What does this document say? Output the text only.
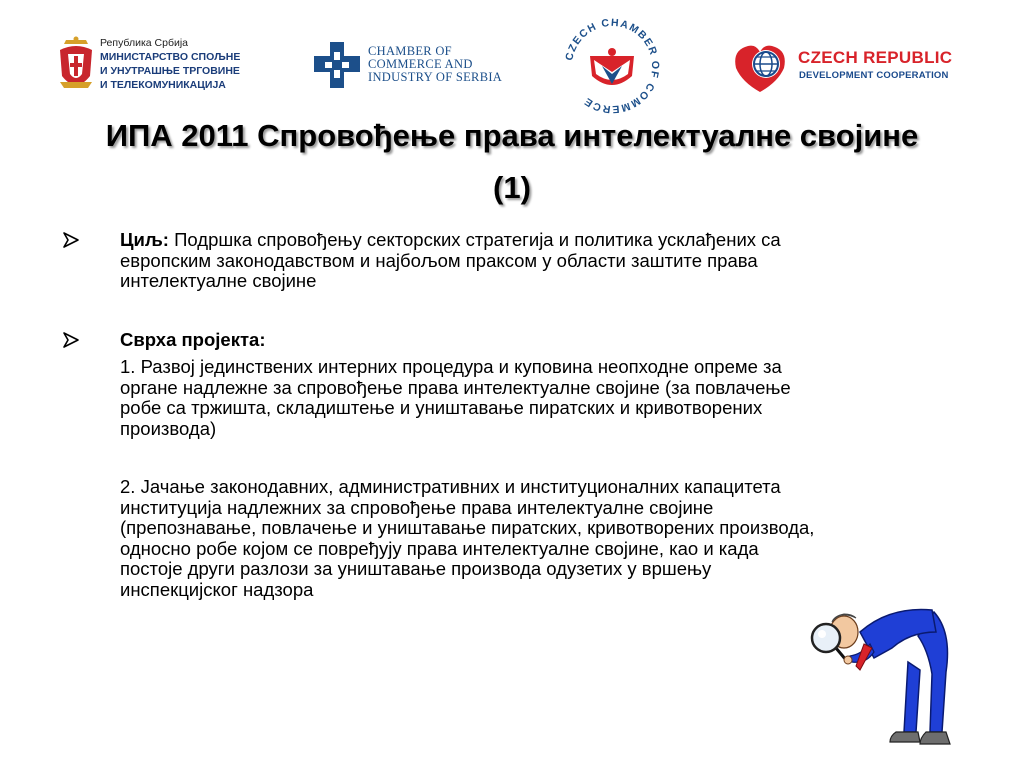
Република Србија
МИНИСТАРСТВО СПОЉНЕ
И УНУТРАШЊЕ ТРГОВИНЕ
И ТЕЛЕКОМУНИКАЦИЈА
CHAMBER OF
COMMERCE AND
INDUSTRY OF SERBIA
CZECH CHAMBER OF COMMERCE
CZECH REPUBLIC
DEVELOPMENT COOPERATION
ИПА 2011 Спровођење права интелектуалне својине
(1)
Циљ: Подршка спровођењу секторских стратегија и политика усклађених са
европским законодавством и најбољом праксом у области заштите права
интелектуалне својине
Сврха пројекта:
1. Развој јединствених интерних процедура и куповина неопходне опреме за
органе надлежне за спровођење права интелектуалне својине (за повлачење
робе са тржишта, складиштење и уништавање пиратских и кривотворених
производа)
2. Јачање законодавних, административних и институционалних капацитета
институција надлежних за спровођење права интелектуалне својине
(препознавање, повлачење и уништавање пиратских, кривотворених производа,
односно робе којом се повређују права интелектуалне својине, као и када
постоје други разлози за уништавање производа одузетих у вршењу
инспекцијског надзора
